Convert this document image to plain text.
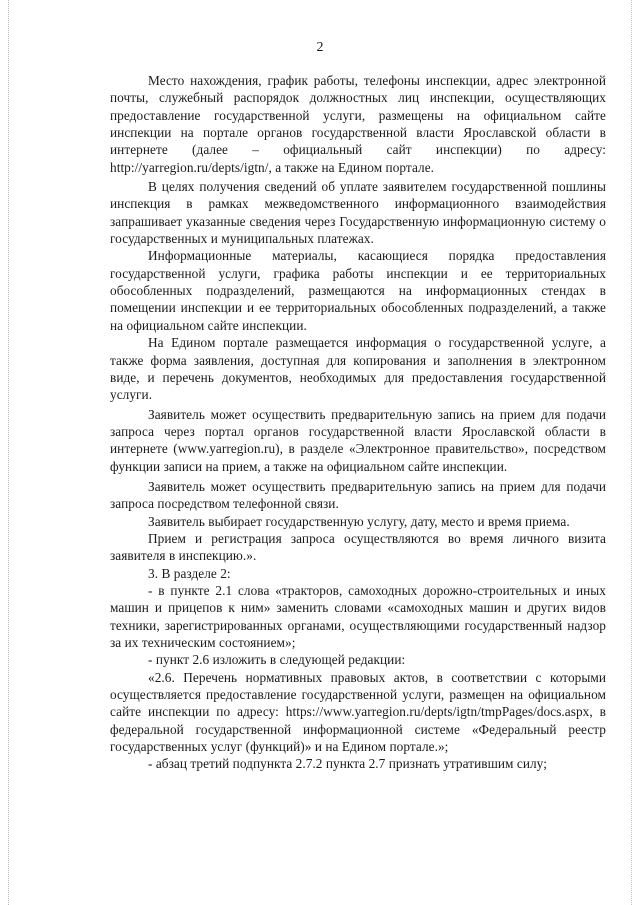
2

Место нахождения, график работы, телефоны инспекции, адрес электронной почты, служебный распорядок должностных лиц инспекции, осуществляющих предоставление государственной услуги, размещены на официальном сайте инспекции на портале органов государственной власти Ярославской области в интернете (далее – официальный сайт инспекции) по адресу: http://yarregion.ru/depts/igtn/, а также на Едином портале.

В целях получения сведений об уплате заявителем государственной пошлины инспекция в рамках межведомственного информационного взаимодействия запрашивает указанные сведения через Государственную информационную систему о государственных и муниципальных платежах.

Информационные материалы, касающиеся порядка предоставления государственной услуги, графика работы инспекции и ее территориальных обособленных подразделений, размещаются на информационных стендах в помещении инспекции и ее территориальных обособленных подразделений, а также на официальном сайте инспекции.

На Едином портале размещается информация о государственной услуге, а также форма заявления, доступная для копирования и заполнения в электронном виде, и перечень документов, необходимых для предоставления государственной услуги.

Заявитель может осуществить предварительную запись на прием для подачи запроса через портал органов государственной власти Ярославской области в интернете (www.yarregion.ru), в разделе «Электронное правительство», посредством функции записи на прием, а также на официальном сайте инспекции.

Заявитель может осуществить предварительную запись на прием для подачи запроса посредством телефонной связи.

Заявитель выбирает государственную услугу, дату, место и время приема.

Прием и регистрация запроса осуществляются во время личного визита заявителя в инспекцию.».

3. В разделе 2:

- в пункте 2.1 слова «тракторов, самоходных дорожно-строительных и иных машин и прицепов к ним» заменить словами «самоходных машин и других видов техники, зарегистрированных органами, осуществляющими государственный надзор за их техническим состоянием»;

- пункт 2.6 изложить в следующей редакции:

«2.6. Перечень нормативных правовых актов, в соответствии с которыми осуществляется предоставление государственной услуги, размещен на официальном сайте инспекции по адресу: https://www.yarregion.ru/depts/igtn/tmpPages/docs.aspx, в федеральной государственной информационной системе «Федеральный реестр государственных услуг (функций)» и на Едином портале.»;

- абзац третий подпункта 2.7.2 пункта 2.7 признать утратившим силу;
